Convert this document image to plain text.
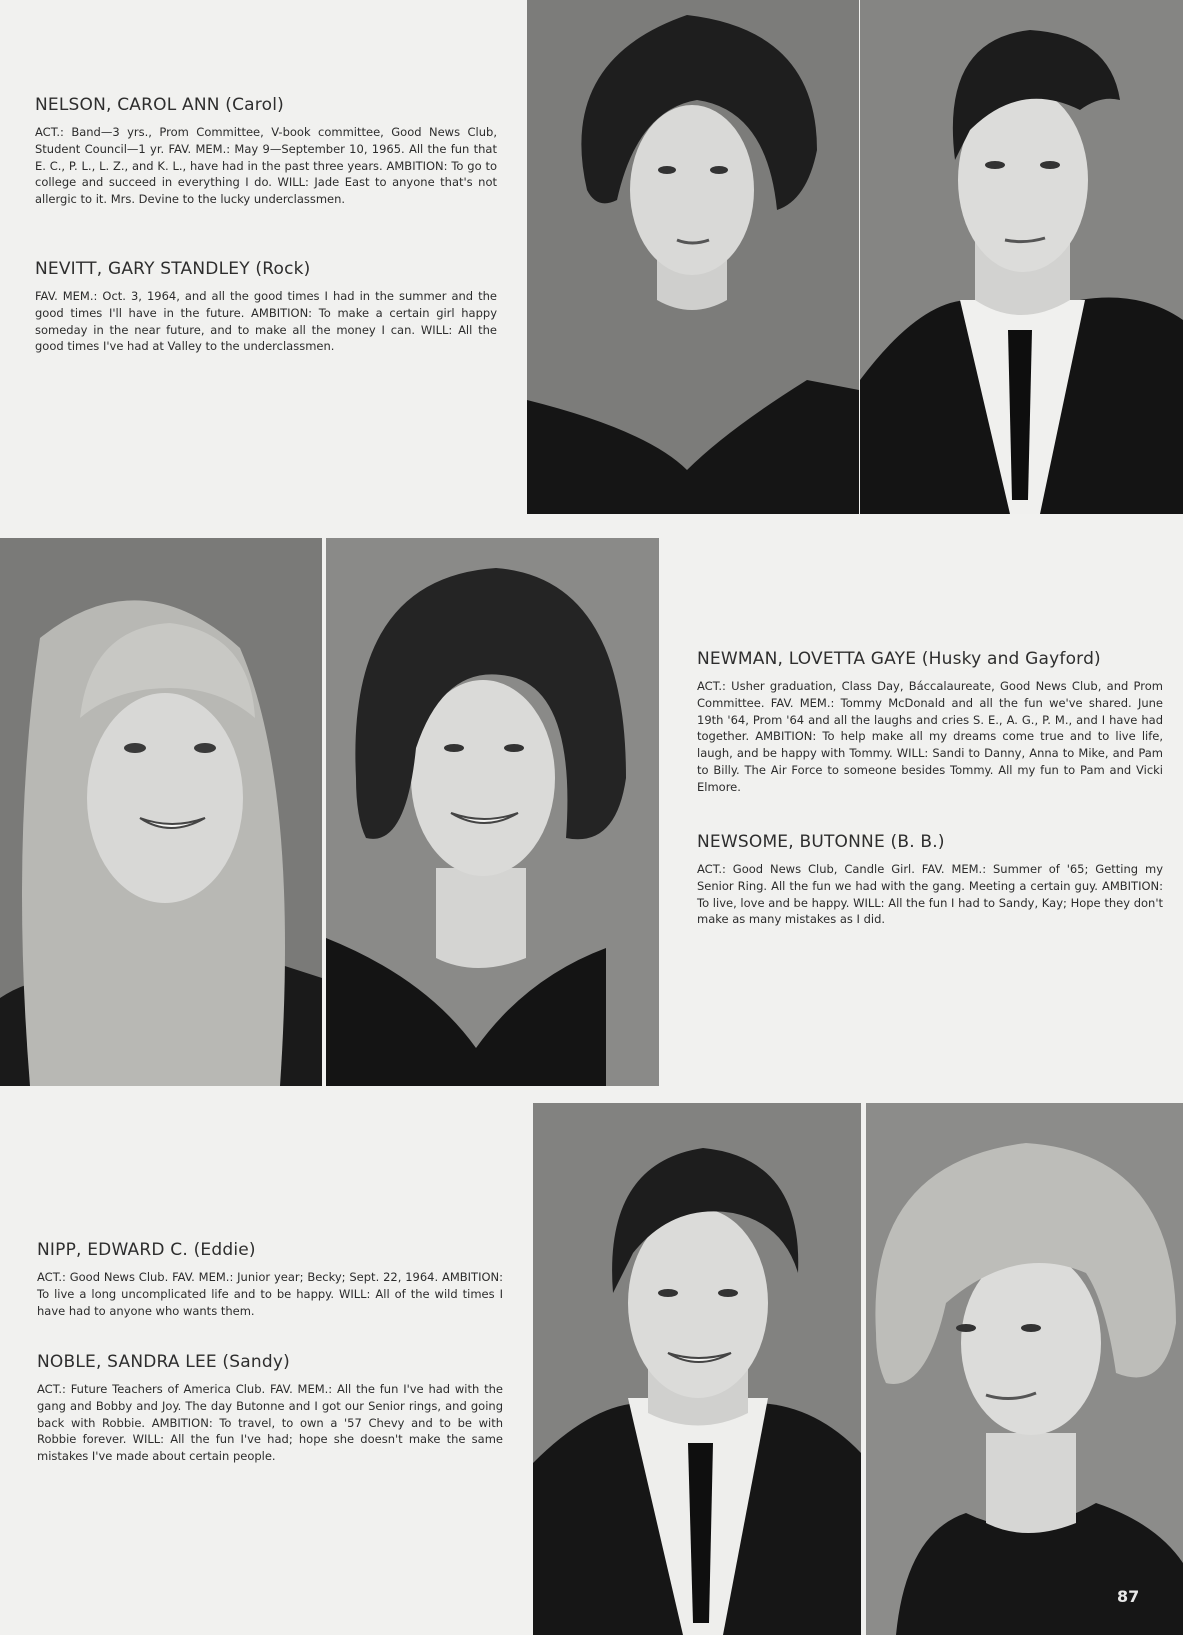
NELSON, CAROL ANN (Carol)

ACT.: Band—3 yrs., Prom Committee, V-book committee, Good News Club, Student Council—1 yr. FAV. MEM.: May 9—September 10, 1965. All the fun that E. C., P. L., L. Z., and K. L., have had in the past three years. AMBITION: To go to college and succeed in everything I do. WILL: Jade East to anyone that's not allergic to it. Mrs. Devine to the lucky underclassmen.

NEVITT, GARY STANDLEY (Rock)

FAV. MEM.: Oct. 3, 1964, and all the good times I had in the summer and the good times I'll have in the future. AMBITION: To make a certain girl happy someday in the near future, and to make all the money I can. WILL: All the good times I've had at Valley to the underclassmen.

NEWMAN, LOVETTA GAYE (Husky and Gayford)

ACT.: Usher graduation, Class Day, Báccalaureate, Good News Club, and Prom Committee. FAV. MEM.: Tommy McDonald and all the fun we've shared. June 19th '64, Prom '64 and all the laughs and cries S. E., A. G., P. M., and I have had together. AMBITION: To help make all my dreams come true and to live life, laugh, and be happy with Tommy. WILL: Sandi to Danny, Anna to Mike, and Pam to Billy. The Air Force to someone besides Tommy. All my fun to Pam and Vicki Elmore.

NEWSOME, BUTONNE (B. B.)

ACT.: Good News Club, Candle Girl. FAV. MEM.: Summer of '65; Getting my Senior Ring. All the fun we had with the gang. Meeting a certain guy. AMBITION: To live, love and be happy. WILL: All the fun I had to Sandy, Kay; Hope they don't make as many mistakes as I did.

NIPP, EDWARD C. (Eddie)

ACT.: Good News Club. FAV. MEM.: Junior year; Becky; Sept. 22, 1964. AMBITION: To live a long uncomplicated life and to be happy. WILL: All of the wild times I have had to anyone who wants them.

NOBLE, SANDRA LEE (Sandy)

ACT.: Future Teachers of America Club. FAV. MEM.: All the fun I've had with the gang and Bobby and Joy. The day Butonne and I got our Senior rings, and going back with Robbie. AMBITION: To travel, to own a '57 Chevy and to be with Robbie forever. WILL: All the fun I've had; hope she doesn't make the same mistakes I've made about certain people.

87
